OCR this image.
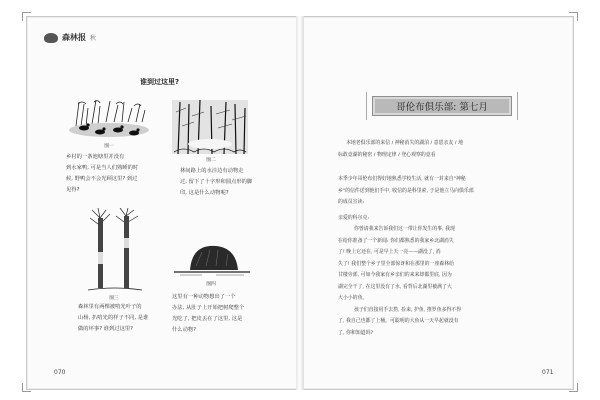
森林报 秋
谁到过这里?
图一
乡村的一条池塘里并没有
到水家鸭, 可是当人们熟睡的时
候, 野鸭会不会光顾这里? 到过
见得?
图二
林间路上的水洼边有动物走
过, 留下了十字形和圆点形的脚
印, 这是什么动物呢?
图三
森林里有两棵被啃光叶子的
山杨, 扒啃光的样子不同, 是谁
做的坏事? 谁到过这里?
图四
这里有一种动物想出了一个
办法, 从肚子上开始把树爬整个
光吃了, 把皮丢在了这里, 这是
什么动物?
070
哥伦布俱乐部: 第七月
本地老俱乐部的来信 / 神秘消失的湖泊 / 意恩亲友 / 地
标敢竟湖的秘密 / 物理定律 / 登心观察的竟看
本季少年哥伦布们得好地熟悉学校生活, 就有一封来自"神秘
乡"的信件送到他们手中, 收信的是科里索, 于是他立马向俱乐部
的成员宣读:
亲爱的科尔克:
你曾请我来告诉我们这一带让你发生的事, 我现
在给你准备了一个新闻: 你们都熟悉的我家乡北湖消失
了! 晚上它还在, 可是早上天一亮——湖没了, 消
失了! 我们整个乡子里全部惊讶和在那里的一座森林给
甘楼旁部, 可如今我家有乡亲们的来来却都里底, 因为
湖完全干了, 在这里没有了水, 看背后北湖里被满了大
大小小的鱼。
孩子们直接用手去捞, 捡来, 护鱼, 推罗鱼多得不得
了, 我自己也都了上桶。可聪明的大鱼从一天早起就没有
了, 你和知道吗?
071
